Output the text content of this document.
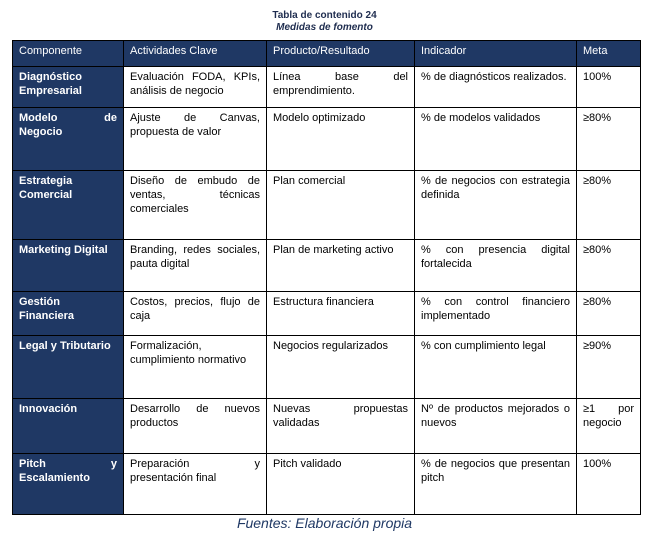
Tabla de contenido 24
Medidas de fomento
Componente	Actividades Clave	Producto/Resultado	Indicador	Meta
Diagnóstico Empresarial	Evaluación FODA, KPIs, análisis de negocio	Línea base del emprendimiento.	% de diagnósticos realizados.	100%
Modelo de Negocio	Ajuste de Canvas, propuesta de valor	Modelo optimizado	% de modelos validados	≥80%
Estrategia Comercial	Diseño de embudo de ventas, técnicas comerciales	Plan comercial	% de negocios con estrategia definida	≥80%
Marketing Digital	Branding, redes sociales, pauta digital	Plan de marketing activo	% con presencia digital fortalecida	≥80%
Gestión Financiera	Costos, precios, flujo de caja	Estructura financiera	% con control financiero implementado	≥80%
Legal y Tributario	Formalización, cumplimiento normativo	Negocios regularizados	% con cumplimiento legal	≥90%
Innovación	Desarrollo de nuevos productos	Nuevas propuestas validadas	Nº de productos mejorados o nuevos	≥1 por negocio
Pitch y Escalamiento	Preparación y presentación final	Pitch validado	% de negocios que presentan pitch	100%
Fuentes: Elaboración propia
